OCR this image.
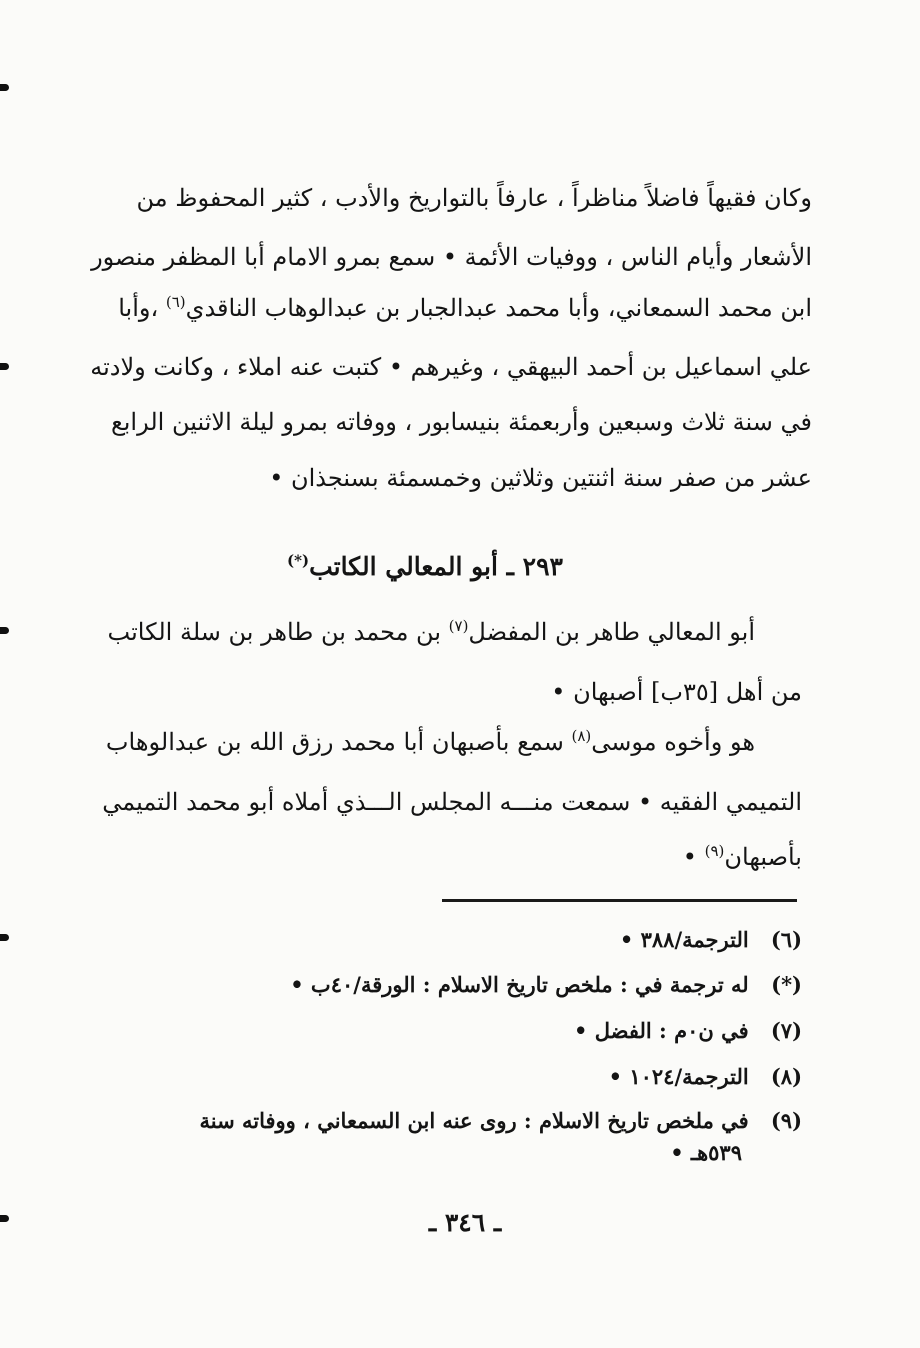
وكان فقيهاً فاضلاً مناظراً ، عارفاً بالتواريخ والأدب ، كثير المحفوظ من
الأشعار وأيام الناس ، ووفيات الأئمة • سمع بمرو الامام أبا المظفر منصور
ابن محمد السمعاني، وأبا محمد عبدالجبار بن عبدالوهاب الناقدي$^{(٦)}$ ،وأبا
علي اسماعيل بن أحمد البيهقي ، وغيرهم • كتبت عنه املاء ، وكانت ولادته
في سنة ثلاث وسبعين وأربعمئة بنيسابور ، ووفاته بمرو ليلة الاثنين الرابع
عشر من صفر سنة اثنتين وثلاثين وخمسمئة بسنجذان •
٢٩٣ ـ أبو المعالي الكاتب(*)
أبو المعالي طاهر بن المفضل$^{(٧)}$ بن محمد بن طاهر بن سلة الكاتب
من أهل [٣٥ب] أصبهان •
هو وأخوه موسى$^{(٨)}$ سمع بأصبهان أبا محمد رزق الله بن عبدالوهاب
التميمي الفقيه • سمعت منـــه المجلس الـــذي أملاه أبو محمد التميمي
بأصبهان$^{(٩)}$ •
(٦) الترجمة/٣٨٨ •
(*) له ترجمة في : ملخص تاريخ الاسلام : الورقة/٤٠ب •
(٧) في ن٠م : الفضل •
(٨) الترجمة/١٠٢٤ •
(٩) في ملخص تاريخ الاسلام : روى عنه ابن السمعاني ، ووفاته سنة
٥٣٩هـ •
ـ ٣٤٦ ـ
